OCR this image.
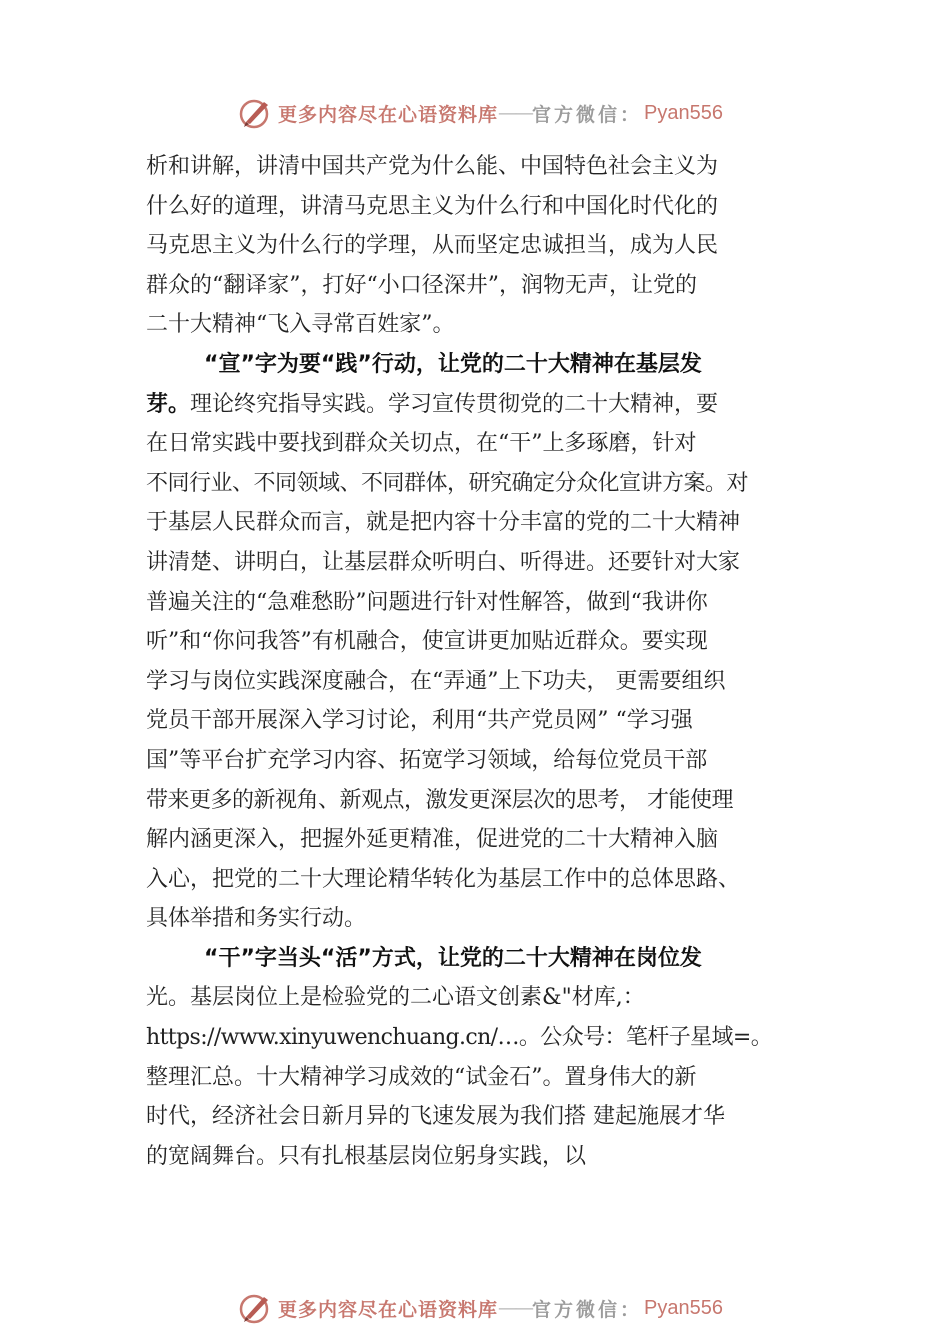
更多内容尽在心语资料库 —— 官方微信： Pyan556
析和讲解，讲清中国共产党为什么能、中国特色社会主义为
什么好的道理，讲清马克思主义为什么行和中国化时代化的
马克思主义为什么行的学理，从而坚定忠诚担当，成为人民
群众的“翻译家”，打好“小口径深井”，润物无声，让党的
二十大精神“飞入寻常百姓家”。
“宣”字为要“践”行动，让党的二十大精神在基层发
芽。理论终究指导实践。学习宣传贯彻党的二十大精神，要
在日常实践中要找到群众关切点，在“干”上多琢磨，针对
不同行业、不同领域、不同群体，研究确定分众化宣讲方案。对
于基层人民群众而言，就是把内容十分丰富的党的二十大精神
讲清楚、讲明白，让基层群众听明白、听得进。还要针对大家
普遍关注的“急难愁盼”问题进行针对性解答，做到“我讲你
听”和“你问我答”有机融合，使宣讲更加贴近群众。要实现
学习与岗位实践深度融合，在“弄通”上下功夫， 更需要组织
党员干部开展深入学习讨论，利用“共产党员网” “学习强
国”等平台扩充学习内容、拓宽学习领域，给每位党员干部
带来更多的新视角、新观点，激发更深层次的思考， 才能使理
解内涵更深入，把握外延更精准，促进党的二十大精神入脑
入心，把党的二十大理论精华转化为基层工作中的总体思路、
具体举措和务实行动。
“干”字当头“活”方式，让党的二十大精神在岗位发
光。基层岗位上是检验党的二心语文创素&"材库,：
https://www.xinyuwenchuang.cn/…。公众号：笔杆子星域=。
整理汇总。十大精神学习成效的“试金石”。置身伟大的新
时代，经济社会日新月异的飞速发展为我们搭 建起施展才华
的宽阔舞台。只有扎根基层岗位躬身实践，以
更多内容尽在心语资料库 —— 官方微信： Pyan556
